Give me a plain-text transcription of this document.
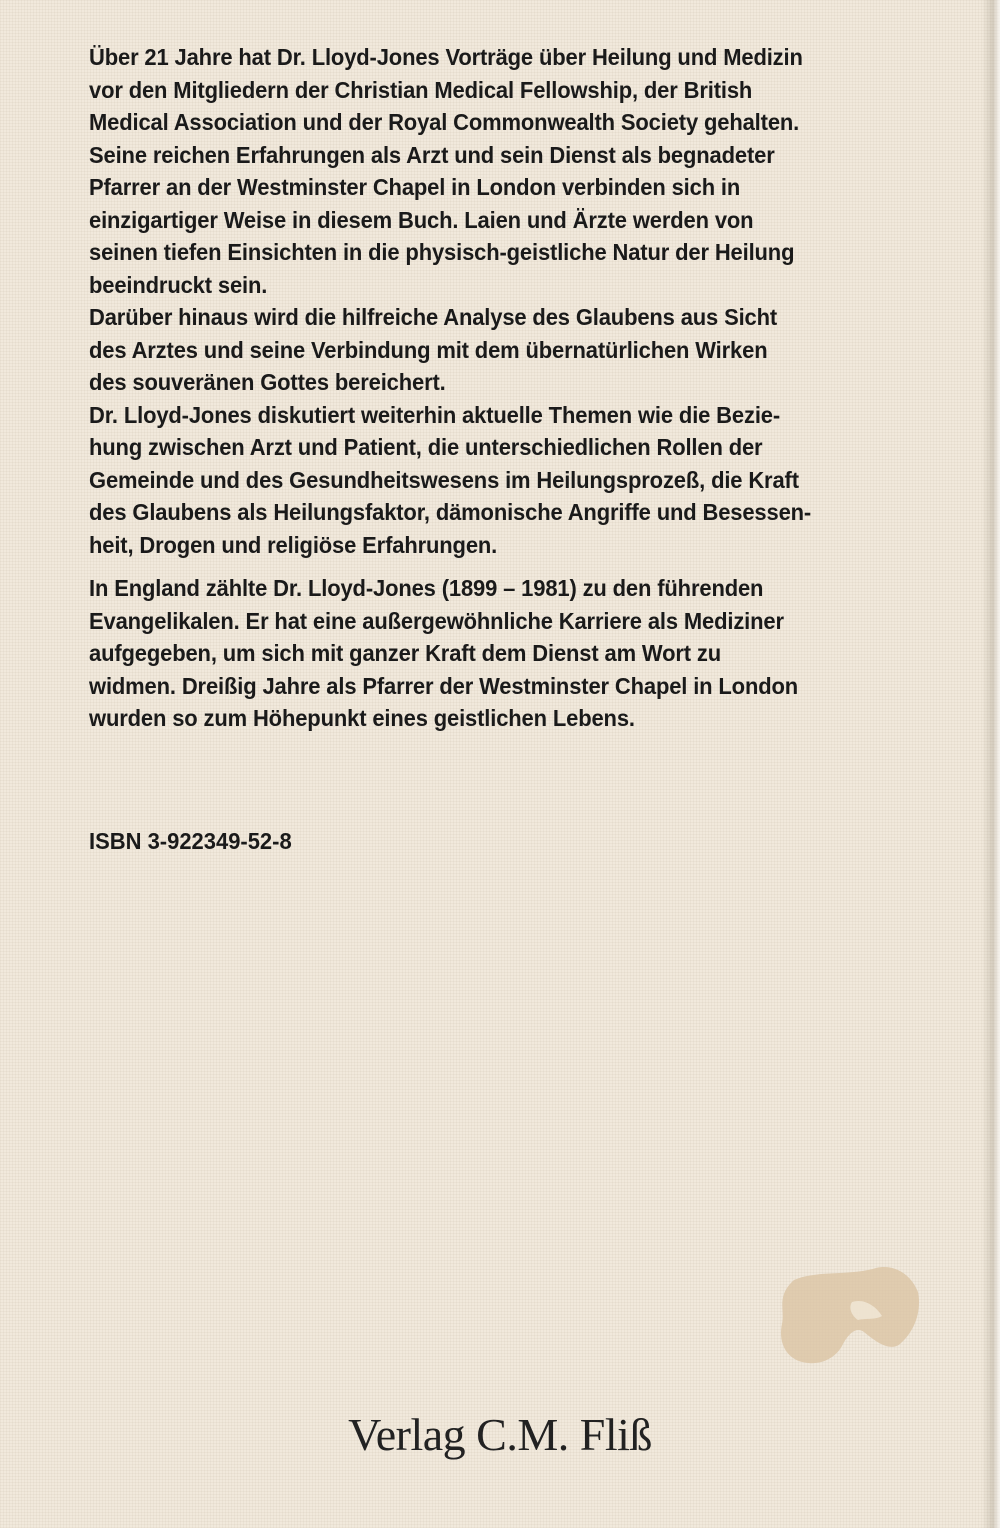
Über 21 Jahre hat Dr. Lloyd-Jones Vorträge über Heilung und Medizin
vor den Mitgliedern der Christian Medical Fellowship, der British
Medical Association und der Royal Commonwealth Society gehalten.
Seine reichen Erfahrungen als Arzt und sein Dienst als begnadeter
Pfarrer an der Westminster Chapel in London verbinden sich in
einzigartiger Weise in diesem Buch. Laien und Ärzte werden von
seinen tiefen Einsichten in die physisch-geistliche Natur der Heilung
beeindruckt sein.

Darüber hinaus wird die hilfreiche Analyse des Glaubens aus Sicht
des Arztes und seine Verbindung mit dem übernatürlichen Wirken
des souveränen Gottes bereichert.

Dr. Lloyd-Jones diskutiert weiterhin aktuelle Themen wie die Bezie-
hung zwischen Arzt und Patient, die unterschiedlichen Rollen der
Gemeinde und des Gesundheitswesens im Heilungsprozeß, die Kraft
des Glaubens als Heilungsfaktor, dämonische Angriffe und Besessen-
heit, Drogen und religiöse Erfahrungen.

In England zählte Dr. Lloyd-Jones (1899 – 1981) zu den führenden
Evangelikalen. Er hat eine außergewöhnliche Karriere als Mediziner
aufgegeben, um sich mit ganzer Kraft dem Dienst am Wort zu
widmen. Dreißig Jahre als Pfarrer der Westminster Chapel in London
wurden so zum Höhepunkt eines geistlichen Lebens.

ISBN 3-922349-52-8
Verlag C.M. Fliß
